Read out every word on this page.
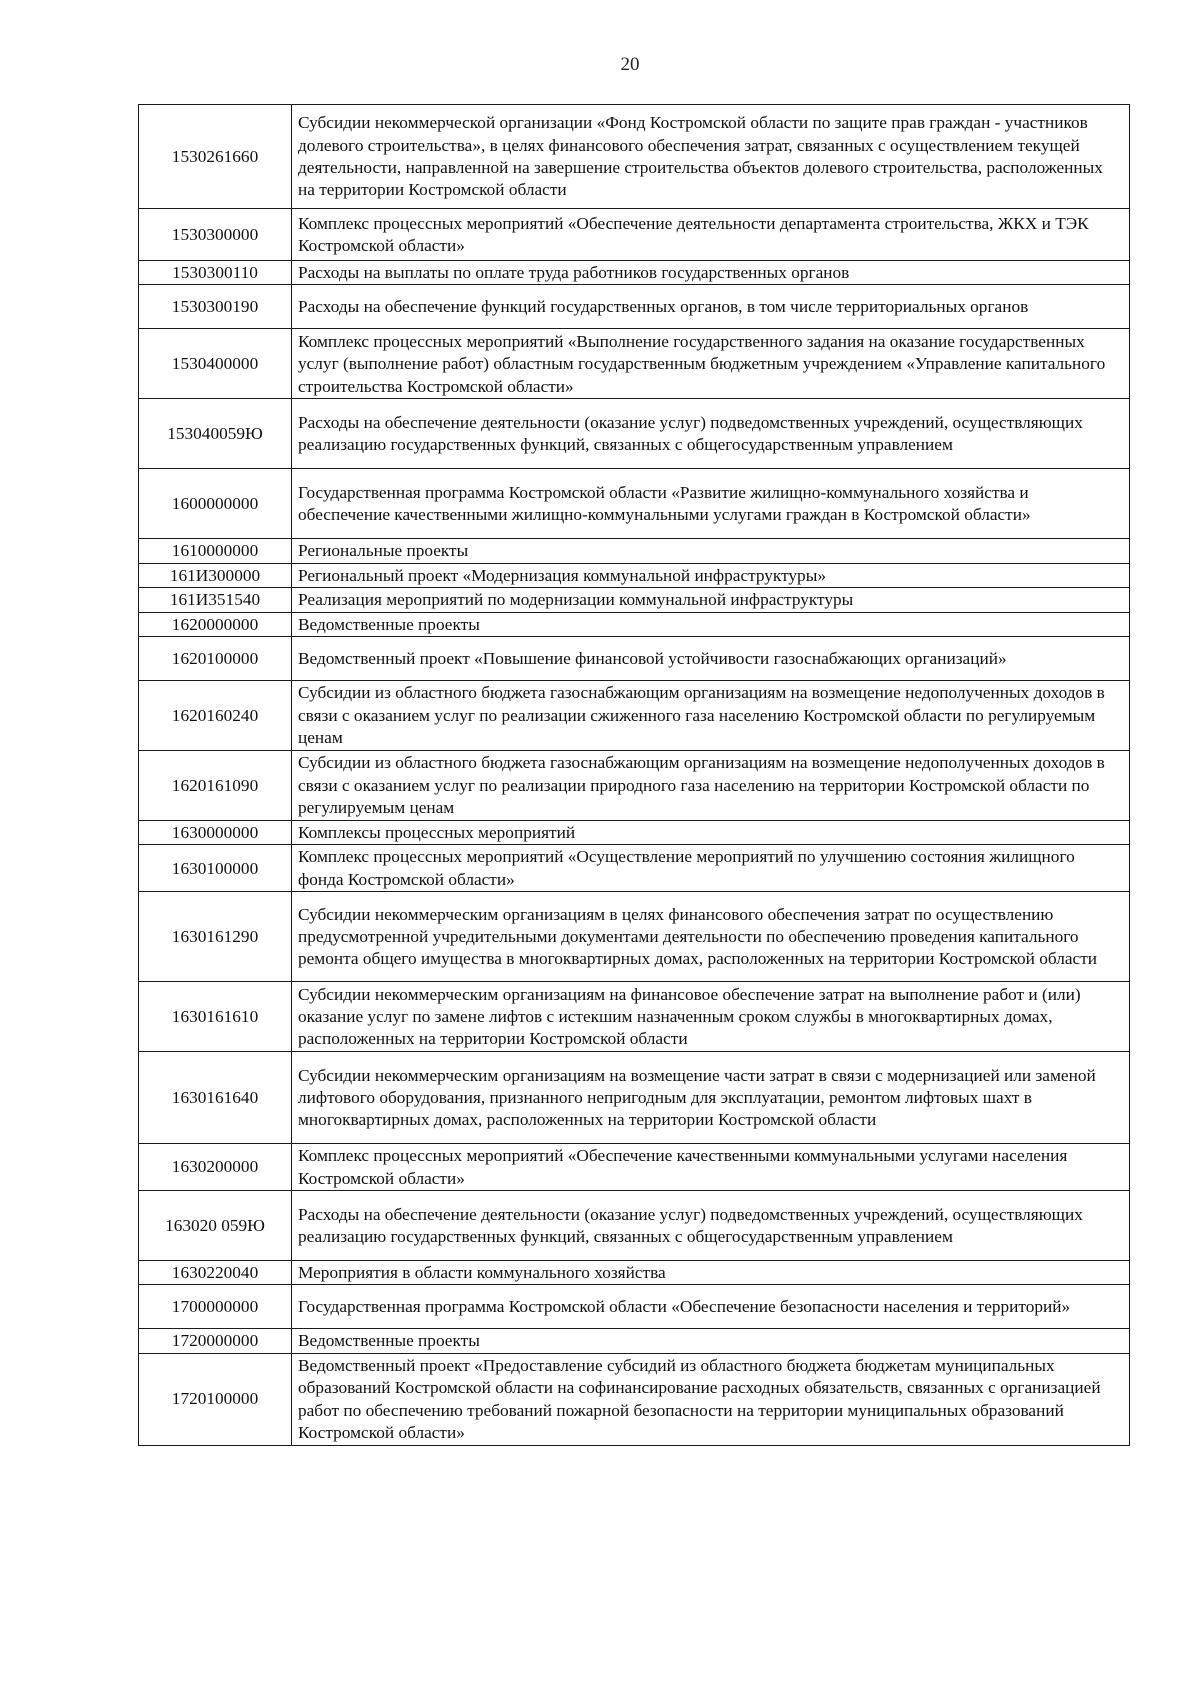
20
1530261660	Субсидии некоммерческой организации «Фонд Костромской области по защите прав граждан - участников долевого строительства», в целях финансового обеспечения затрат, связанных с осуществлением текущей деятельности, направленной на завершение строительства объектов долевого строительства, расположенных на территории Костромской области
1530300000	Комплекс процессных мероприятий «Обеспечение деятельности департамента строительства, ЖКХ и ТЭК Костромской области»
1530300110	Расходы на выплаты по оплате труда работников государственных органов
1530300190	Расходы на обеспечение функций государственных органов, в том числе территориальных органов
1530400000	Комплекс процессных мероприятий «Выполнение государственного задания на оказание государственных услуг (выполнение работ) областным государственным бюджетным учреждением «Управление капитального строительства Костромской области»
153040059Ю	Расходы на обеспечение деятельности (оказание услуг) подведомственных учреждений, осуществляющих реализацию государственных функций, связанных с общегосударственным управлением
1600000000	Государственная программа Костромской области «Развитие жилищно-коммунального хозяйства и обеспечение качественными жилищно-коммунальными услугами граждан в Костромской области»
1610000000	Региональные проекты
161И300000	Региональный проект «Модернизация коммунальной инфраструктуры»
161И351540	Реализация мероприятий по модернизации коммунальной инфраструктуры
1620000000	Ведомственные проекты
1620100000	Ведомственный проект «Повышение финансовой устойчивости газоснабжающих организаций»
1620160240	Субсидии из областного бюджета газоснабжающим организациям на возмещение недополученных доходов в связи с оказанием услуг по реализации сжиженного газа населению Костромской области по регулируемым ценам
1620161090	Субсидии из областного бюджета газоснабжающим организациям на возмещение недополученных доходов в связи с оказанием услуг по реализации природного газа населению на территории Костромской области по регулируемым ценам
1630000000	Комплексы процессных мероприятий
1630100000	Комплекс процессных мероприятий «Осуществление мероприятий по улучшению состояния жилищного фонда Костромской области»
1630161290	Субсидии некоммерческим организациям в целях финансового обеспечения затрат по осуществлению предусмотренной учредительными документами деятельности по обеспечению проведения капитального ремонта общего имущества в многоквартирных домах, расположенных на территории Костромской области
1630161610	Субсидии некоммерческим организациям на финансовое обеспечение затрат на выполнение работ и (или) оказание услуг по замене лифтов с истекшим назначенным сроком службы в многоквартирных домах, расположенных на территории Костромской области
1630161640	Субсидии некоммерческим организациям на возмещение части затрат в связи с модернизацией или заменой лифтового оборудования, признанного непригодным для эксплуатации, ремонтом лифтовых шахт в многоквартирных домах, расположенных на территории Костромской области
1630200000	Комплекс процессных мероприятий «Обеспечение качественными коммунальными услугами населения Костромской области»
163020 059Ю	Расходы на обеспечение деятельности (оказание услуг) подведомственных учреждений, осуществляющих реализацию государственных функций, связанных с общегосударственным управлением
1630220040	Мероприятия в области коммунального хозяйства
1700000000	Государственная программа Костромской области «Обеспечение безопасности населения и территорий»
1720000000	Ведомственные проекты
1720100000	Ведомственный проект «Предоставление субсидий из областного бюджета бюджетам муниципальных образований Костромской области на софинансирование расходных обязательств, связанных с организацией работ по обеспечению требований пожарной безопасности на территории муниципальных образований Костромской области»
